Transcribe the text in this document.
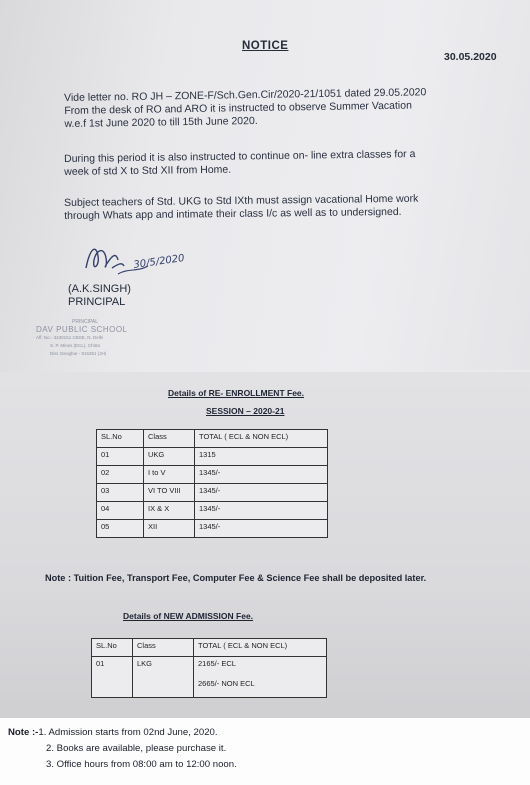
NOTICE
30.05.2020
Vide letter no. RO JH – ZONE-F/Sch.Gen.Cir/2020-21/1051 dated 29.05.2020
From the desk of RO and ARO it is instructed to observe Summer Vacation
w.e.f 1st June 2020 to till 15th June 2020.
During this period it is also instructed to continue on- line extra classes for a
week of std X to Std XII from Home.
Subject teachers of Std. UKG to Std IXth must assign vacational Home work
through Whats app and intimate their class I/c as well as to undersigned.
30/5/2020
(A.K.SINGH)
PRINCIPAL
PRINCIPAL
DAV PUBLIC SCHOOL
Aff. No.- 3430151 CBSE, N. Delhi
S. P. Mines (ECL), Chitra
Dist. Deoghar - 815351 (JH)
Details of RE- ENROLLMENT Fee.
SESSION – 2020-21
SL.No	Class	TOTAL ( ECL & NON ECL)
01	UKG	1315
02	I to V	1345/-
03	VI TO VIII	1345/-
04	IX & X	1345/-
05	XII	1345/-
Note : Tuition Fee, Transport Fee, Computer Fee & Science Fee shall be deposited later.
Details of NEW ADMISSION Fee.
SL.No	Class	TOTAL ( ECL & NON ECL)
01	LKG	2165/- ECL
		2665/- NON ECL
Note :-1. Admission starts from 02nd June, 2020.
2. Books are available, please purchase it.
3. Office hours from 08:00 am to 12:00 noon.
